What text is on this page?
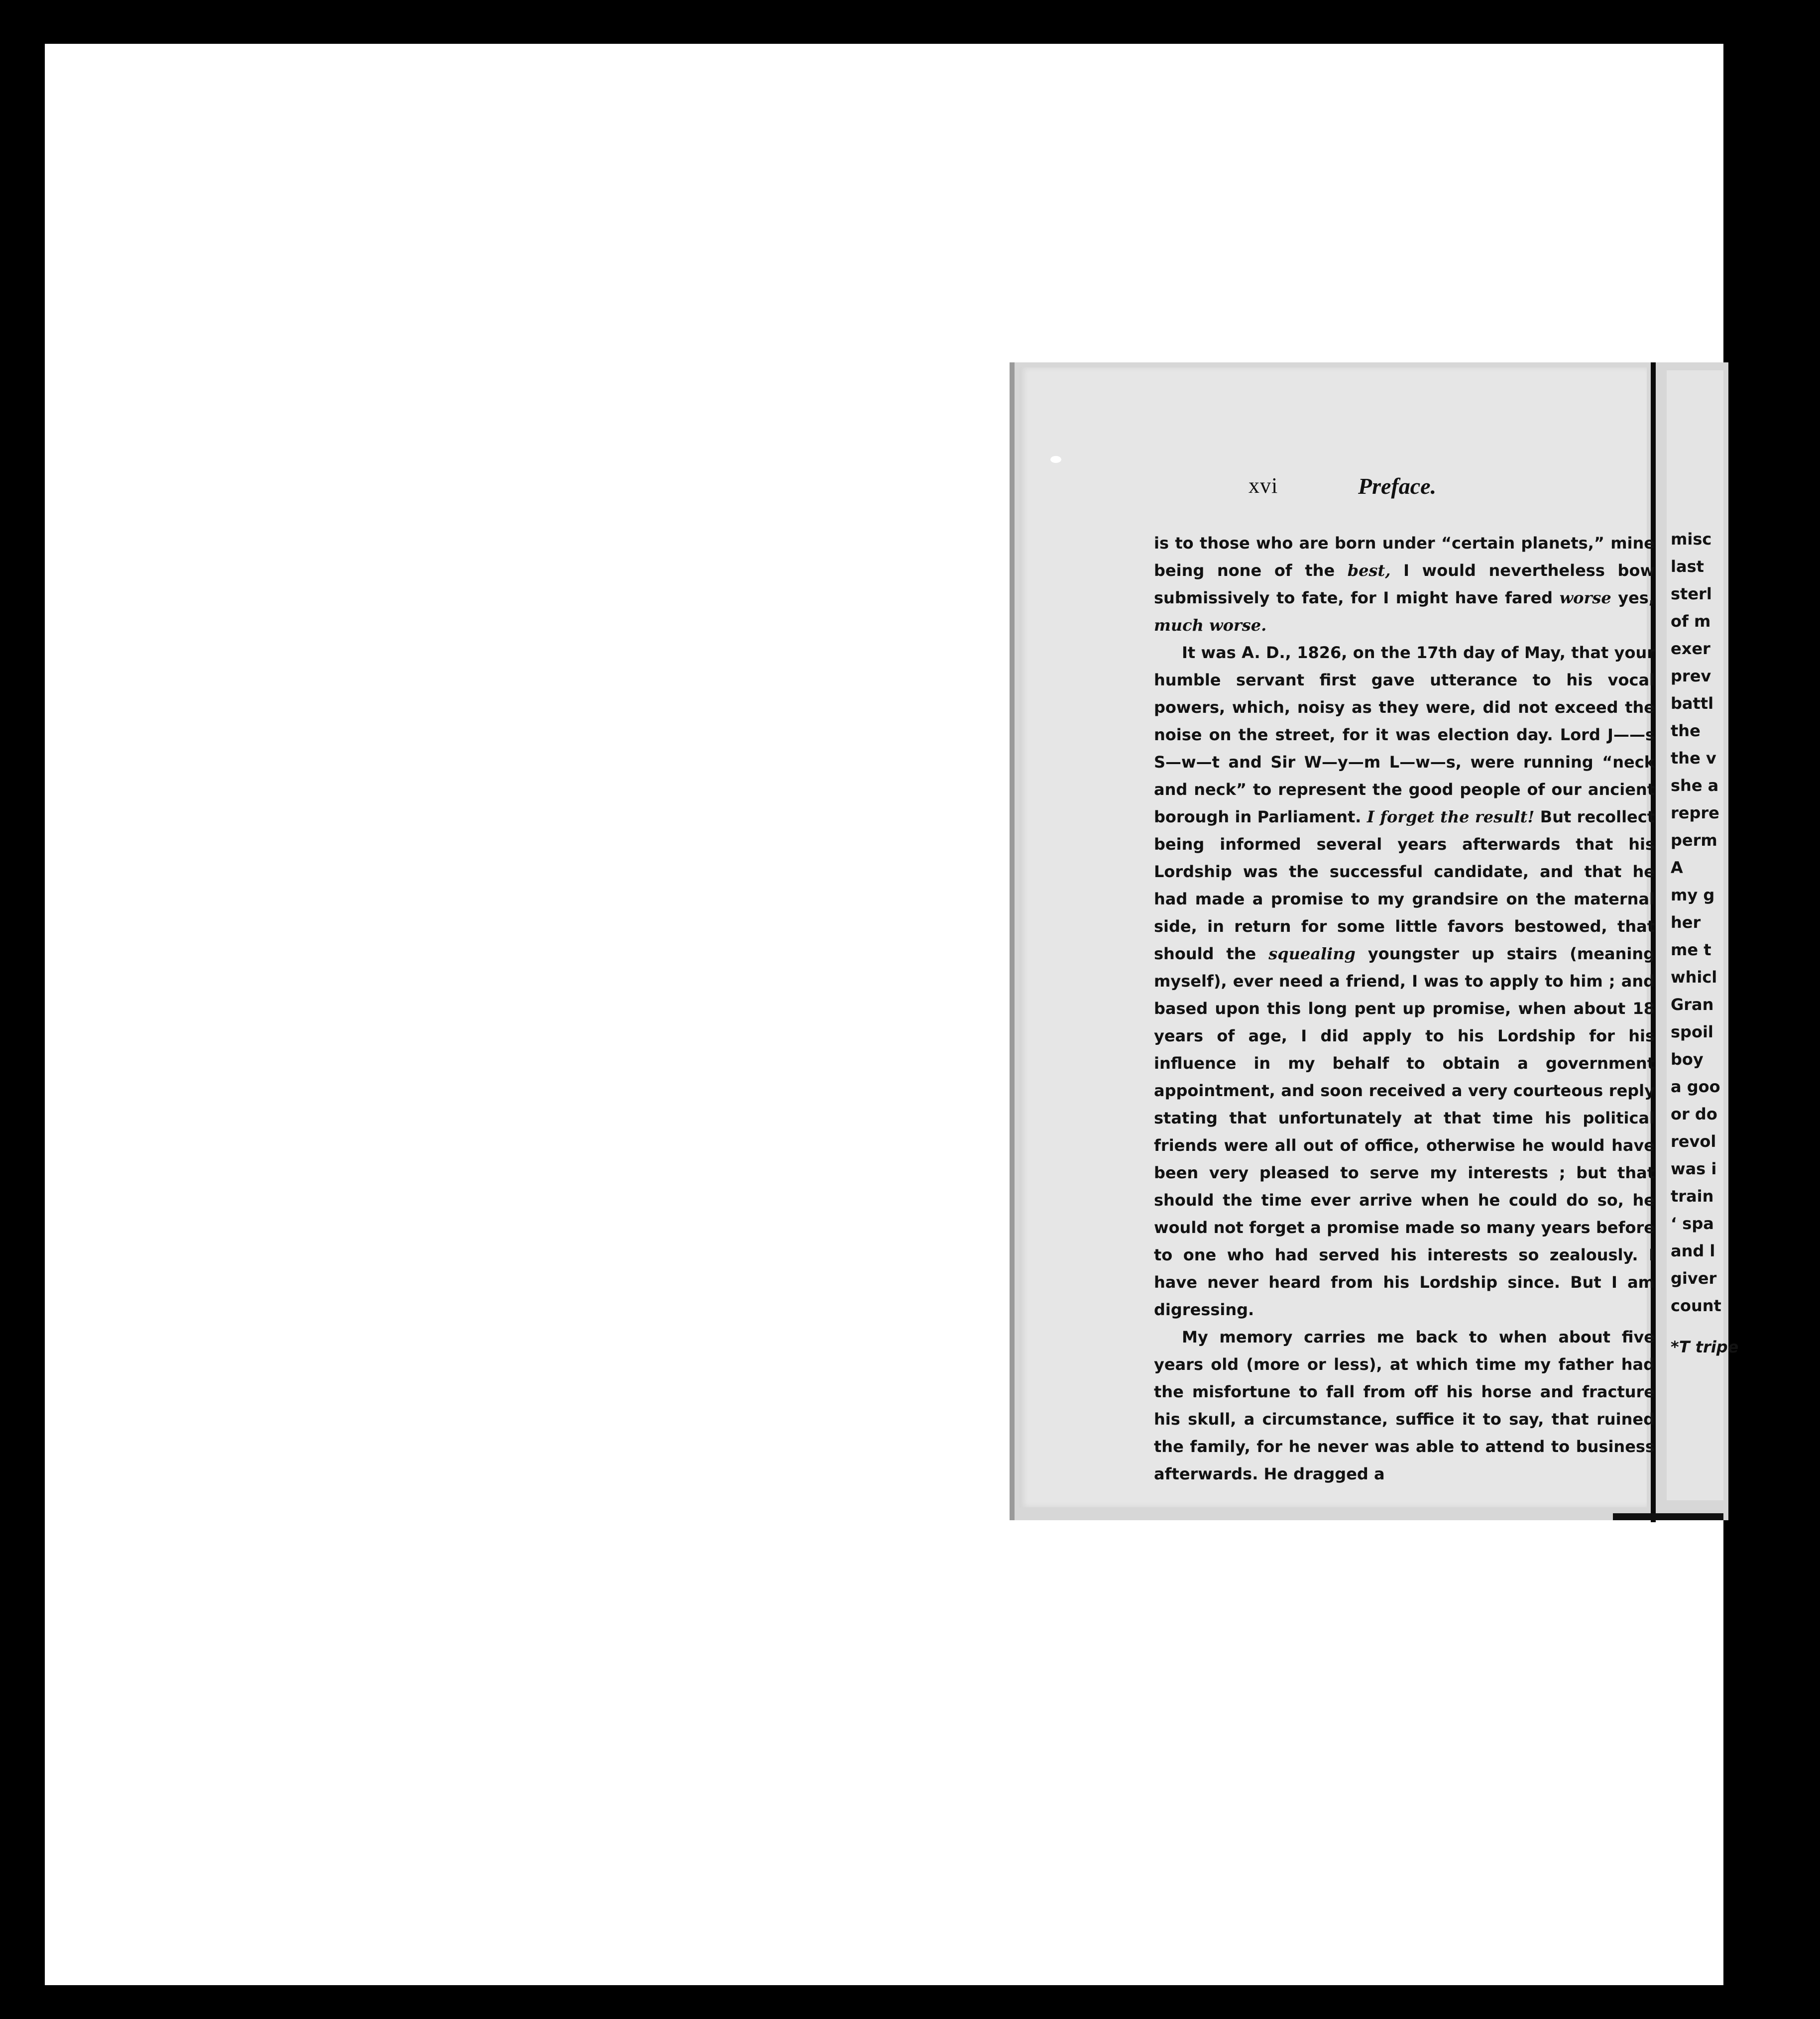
xvi	Preface.

is to those who are born under “certain planets,” mine being none of the best, I would nevertheless bow submissively to fate, for I might have fared worse yes, much worse.

It was A. D., 1826, on the 17th day of May, that your humble servant first gave utterance to his vocal powers, which, noisy as they were, did not exceed the noise on the street, for it was election day. Lord J——s S—w—t and Sir W—y—m L—w—s, were running “neck and neck” to represent the good people of our ancient borough in Parliament. I forget the result! But recollect being informed several years afterwards that his Lordship was the successful candidate, and that he had made a promise to my grandsire on the maternal side, in return for some little favors bestowed, that should the squealing youngster up stairs (meaning myself), ever need a friend, I was to apply to him ; and based upon this long pent up promise, when about 18 years of age, I did apply to his Lordship for his influence in my behalf to obtain a government appointment, and soon received a very courteous reply stating that unfortunately at that time his political friends were all out of office, otherwise he would have been very pleased to serve my interests ; but that should the time ever arrive when he could do so, he would not forget a promise made so many years before to one who had served his interests so zealously. I have never heard from his Lordship since. But I am digressing.

My memory carries me back to when about five years old (more or less), at which time my father had the misfortune to fall from off his horse and fracture his skull, a circumstance, suffice it to say, that ruined the family, for he never was able to attend to business afterwards. He dragged a

misc
last
sterl
of m
exer
prev
battl
the
the v
she a
repre
perm
A
my g
her
me t
whicl
Gran
spoil
boy
a goo
or do
revol
was i
train
‘ spa
and l
giver
count
*T tripe
